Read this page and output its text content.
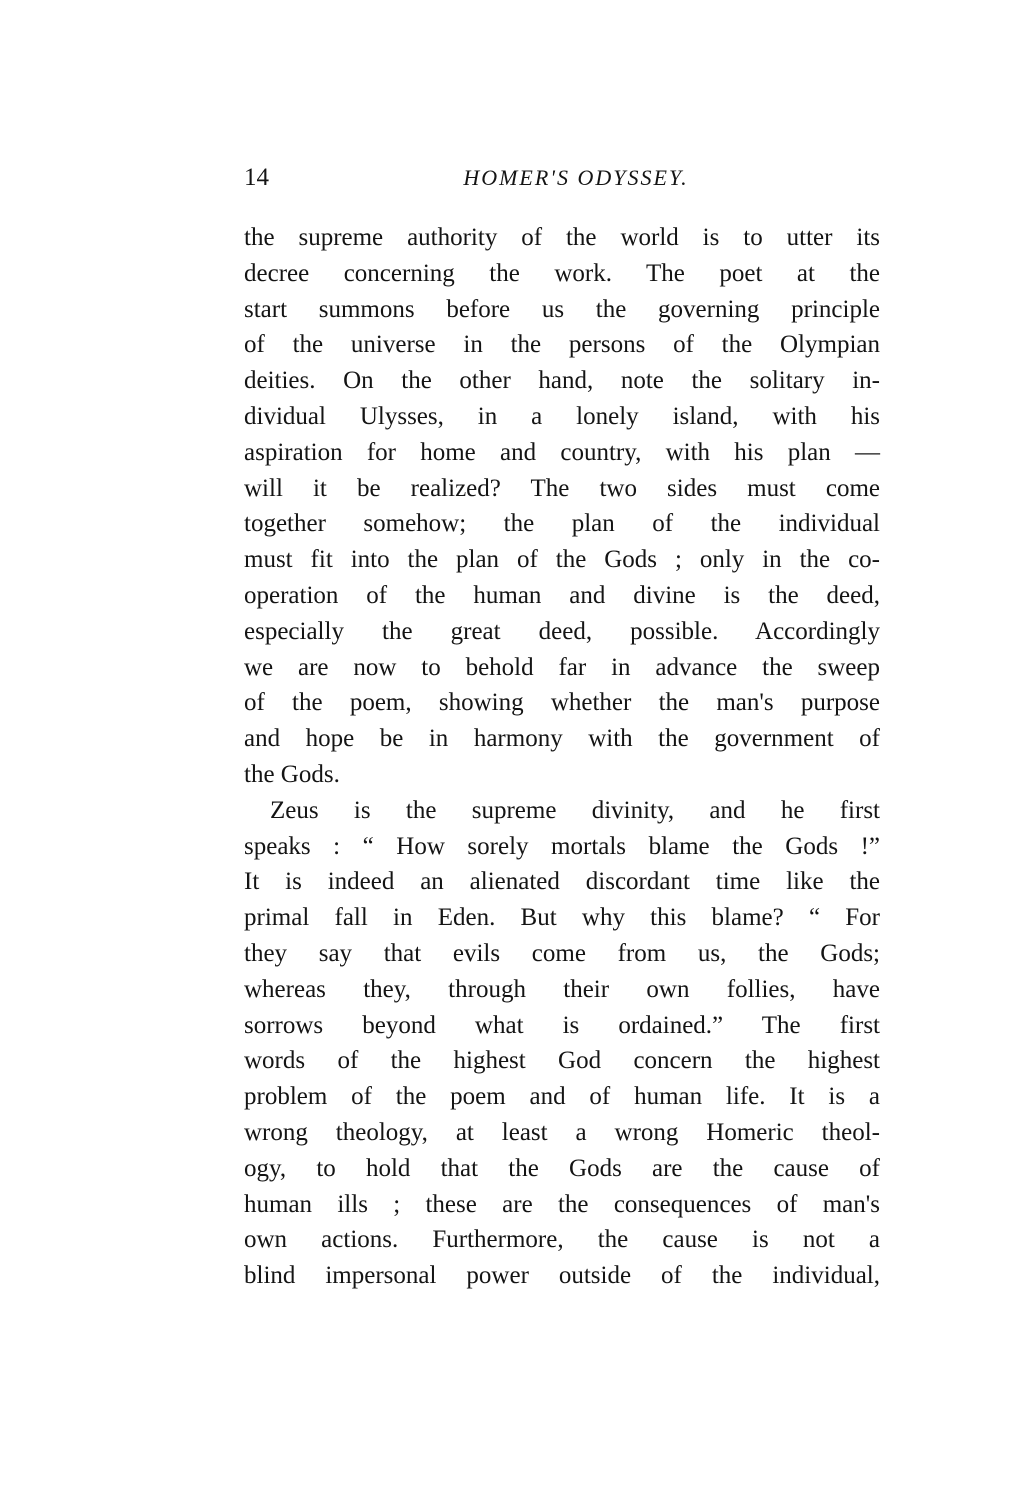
14	HOMER'S ODYSSEY.
the supreme authority of the world is to utter its
decree concerning the work. The poet at the
start summons before us the governing principle
of the universe in the persons of the Olympian
deities. On the other hand, note the solitary in-
dividual Ulysses, in a lonely island, with his
aspiration for home and country, with his plan —
will it be realized? The two sides must come
together somehow; the plan of the individual
must fit into the plan of the Gods ; only in the co-
operation of the human and divine is the deed,
especially the great deed, possible. Accordingly
we are now to behold far in advance the sweep
of the poem, showing whether the man's purpose
and hope be in harmony with the government of
the Gods.
Zeus is the supreme divinity, and he first
speaks : “ How sorely mortals blame the Gods !”
It is indeed an alienated discordant time like the
primal fall in Eden. But why this blame? “ For
they say that evils come from us, the Gods;
whereas they, through their own follies, have
sorrows beyond what is ordained.” The first
words of the highest God concern the highest
problem of the poem and of human life. It is a
wrong theology, at least a wrong Homeric theol-
ogy, to hold that the Gods are the cause of
human ills ; these are the consequences of man's
own actions. Furthermore, the cause is not a
blind impersonal power outside of the individual,
